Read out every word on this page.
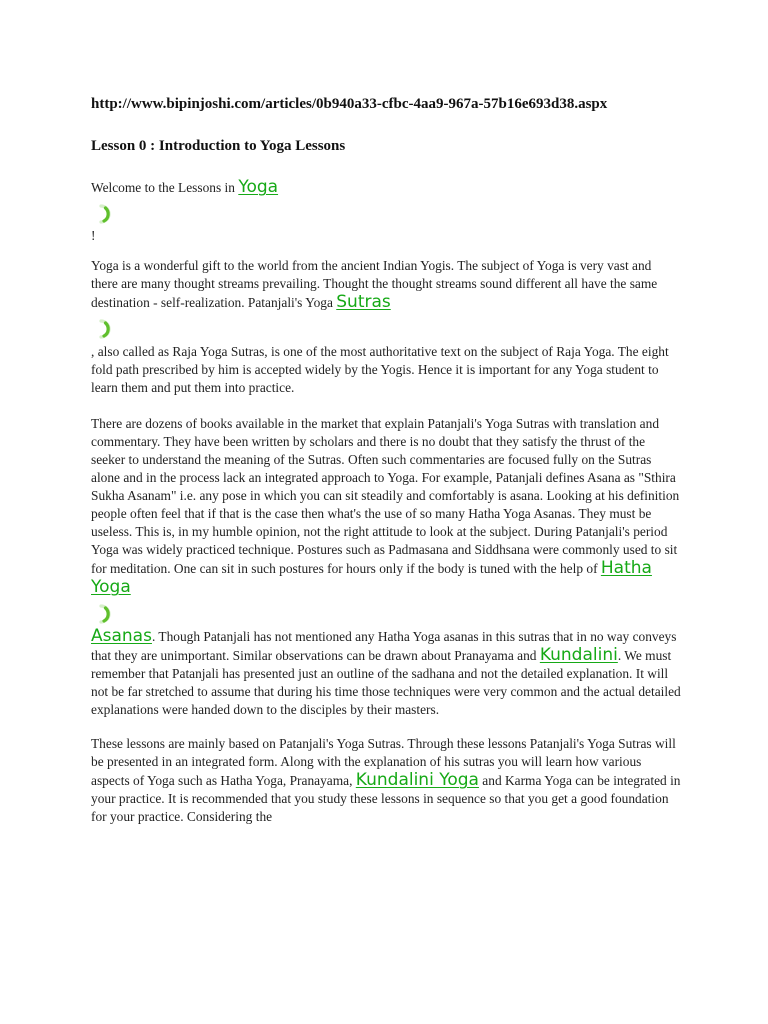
http://www.bipinjoshi.com/articles/0b940a33-cfbc-4aa9-967a-57b16e693d38.aspx
Lesson 0 : Introduction to Yoga Lessons

Welcome to the Lessons in Yoga

!

Yoga is a wonderful gift to the world from the ancient Indian Yogis. The subject of Yoga is very vast and there are many thought streams prevailing. Thought the thought streams sound different all have the same destination - self-realization. Patanjali's Yoga Sutras

, also called as Raja Yoga Sutras, is one of the most authoritative text on the subject of Raja Yoga. The eight fold path prescribed by him is accepted widely by the Yogis. Hence it is important for any Yoga student to learn them and put them into practice.

There are dozens of books available in the market that explain Patanjali's Yoga Sutras with translation and commentary. They have been written by scholars and there is no doubt that they satisfy the thrust of the seeker to understand the meaning of the Sutras. Often such commentaries are focused fully on the Sutras alone and in the process lack an integrated approach to Yoga. For example, Patanjali defines Asana as "Sthira Sukha Asanam" i.e. any pose in which you can sit steadily and comfortably is asana. Looking at his definition people often feel that if that is the case then what's the use of so many Hatha Yoga Asanas. They must be useless. This is, in my humble opinion, not the right attitude to look at the subject. During Patanjali's period Yoga was widely practiced technique. Postures such as Padmasana and Siddhsana were commonly used to sit for meditation. One can sit in such postures for hours only if the body is tuned with the help of Hatha Yoga

Asanas. Though Patanjali has not mentioned any Hatha Yoga asanas in this sutras that in no way conveys that they are unimportant. Similar observations can be drawn about Pranayama and Kundalini. We must remember that Patanjali has presented just an outline of the sadhana and not the detailed explanation. It will not be far stretched to assume that during his time those techniques were very common and the actual detailed explanations were handed down to the disciples by their masters.

These lessons are mainly based on Patanjali's Yoga Sutras. Through these lessons Patanjali's Yoga Sutras will be presented in an integrated form. Along with the explanation of his sutras you will learn how various aspects of Yoga such as Hatha Yoga, Pranayama, Kundalini Yoga and Karma Yoga can be integrated in your practice. It is recommended that you study these lessons in sequence so that you get a good foundation for your practice. Considering the
